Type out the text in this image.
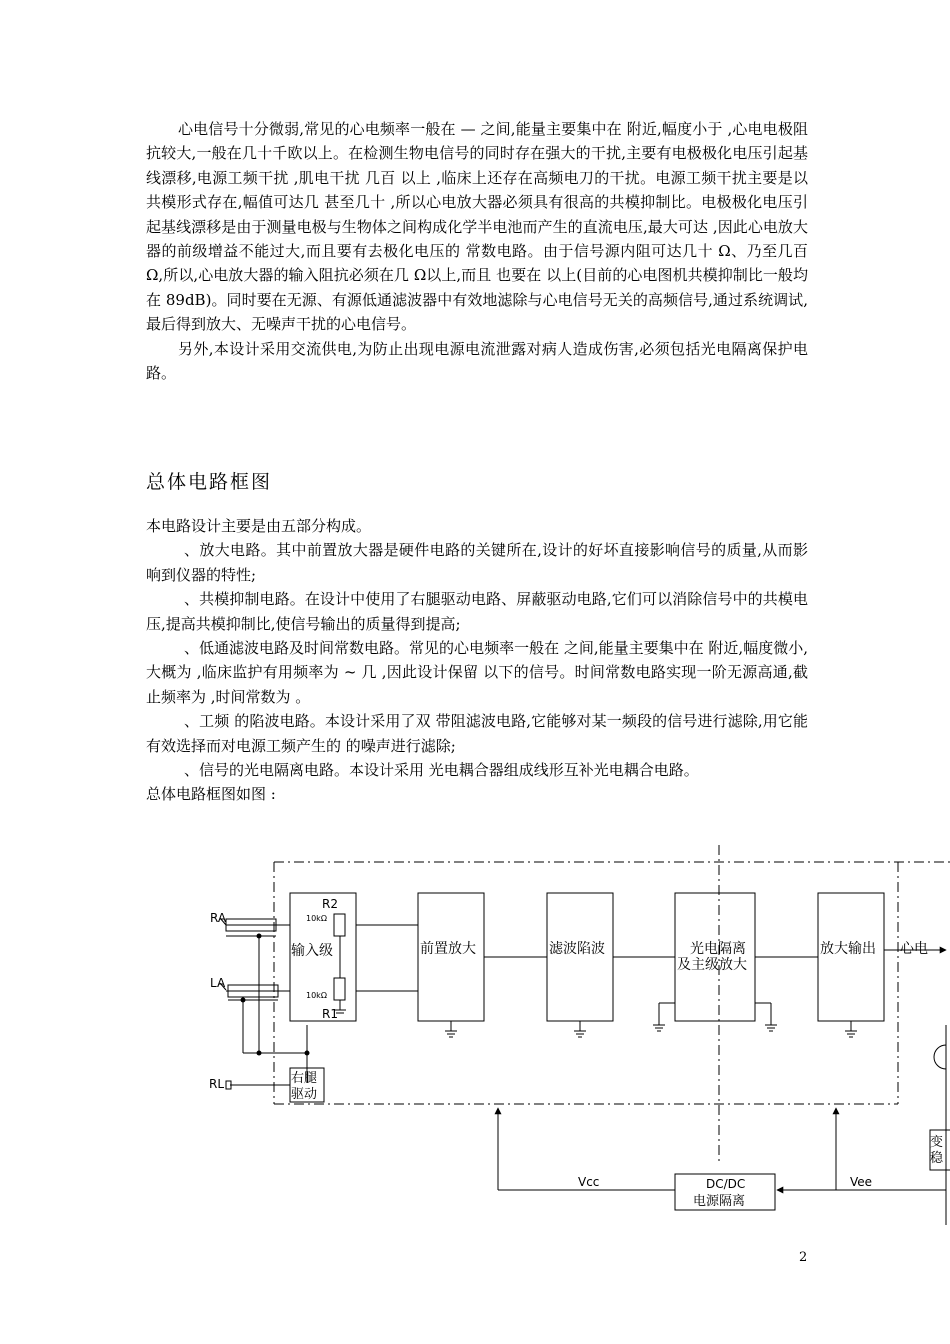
心电信号十分微弱,常见的心电频率一般在 — 之间,能量主要集中在 附近,幅度小于 ,心电电极阻抗较大,一般在几十千欧以上。在检测生物电信号的同时存在强大的干扰,主要有电极极化电压引起基线漂移,电源工频干扰 ,肌电干扰 几百 以上 ,临床上还存在高频电刀的干扰。电源工频干扰主要是以共模形式存在,幅值可达几 甚至几十 ,所以心电放大器必须具有很高的共模抑制比。电极极化电压引起基线漂移是由于测量电极与生物体之间构成化学半电池而产生的直流电压,最大可达 ,因此心电放大器的前级增益不能过大,而且要有去极化电压的 常数电路。由于信号源内阻可达几十 Ω、乃至几百 Ω,所以,心电放大器的输入阻抗必须在几 Ω以上,而且 也要在 以上(目前的心电图机共模抑制比一般均在 89dB)。同时要在无源、有源低通滤波器中有效地滤除与心电信号无关的高频信号,通过系统调试,最后得到放大、无噪声干扰的心电信号。

另外,本设计采用交流供电,为防止出现电源电流泄露对病人造成伤害,必须包括光电隔离保护电路。

总体电路框图

本电路设计主要是由五部分构成。

、放大电路。其中前置放大器是硬件电路的关键所在,设计的好坏直接影响信号的质量,从而影响到仪器的特性;

、共模抑制电路。在设计中使用了右腿驱动电路、屏蔽驱动电路,它们可以消除信号中的共模电压,提高共模抑制比,使信号输出的质量得到提高;

、低通滤波电路及时间常数电路。常见的心电频率一般在 之间,能量主要集中在 附近,幅度微小,大概为 ,临床监护有用频率为 ~ 几 ,因此设计保留 以下的信号。时间常数电路实现一阶无源高通,截止频率为 ,时间常数为 。

、工频 的陷波电路。本设计采用了双 带阻滤波电路,它能够对某一频段的信号进行滤除,用它能有效选择而对电源工频产生的 的噪声进行滤除;

、信号的光电隔离电路。本设计采用 光电耦合器组成线形互补光电耦合电路。

总体电路框图如图 :

RA
LA
RL
R2
R1
10kΩ
10kΩ
输入级
右腿
驱动
前置放大	滤波陷波	光电隔离
及主级放大
放大输出 心电
变
稳
Vcc	Vee
DC/DC
电源隔离
2
